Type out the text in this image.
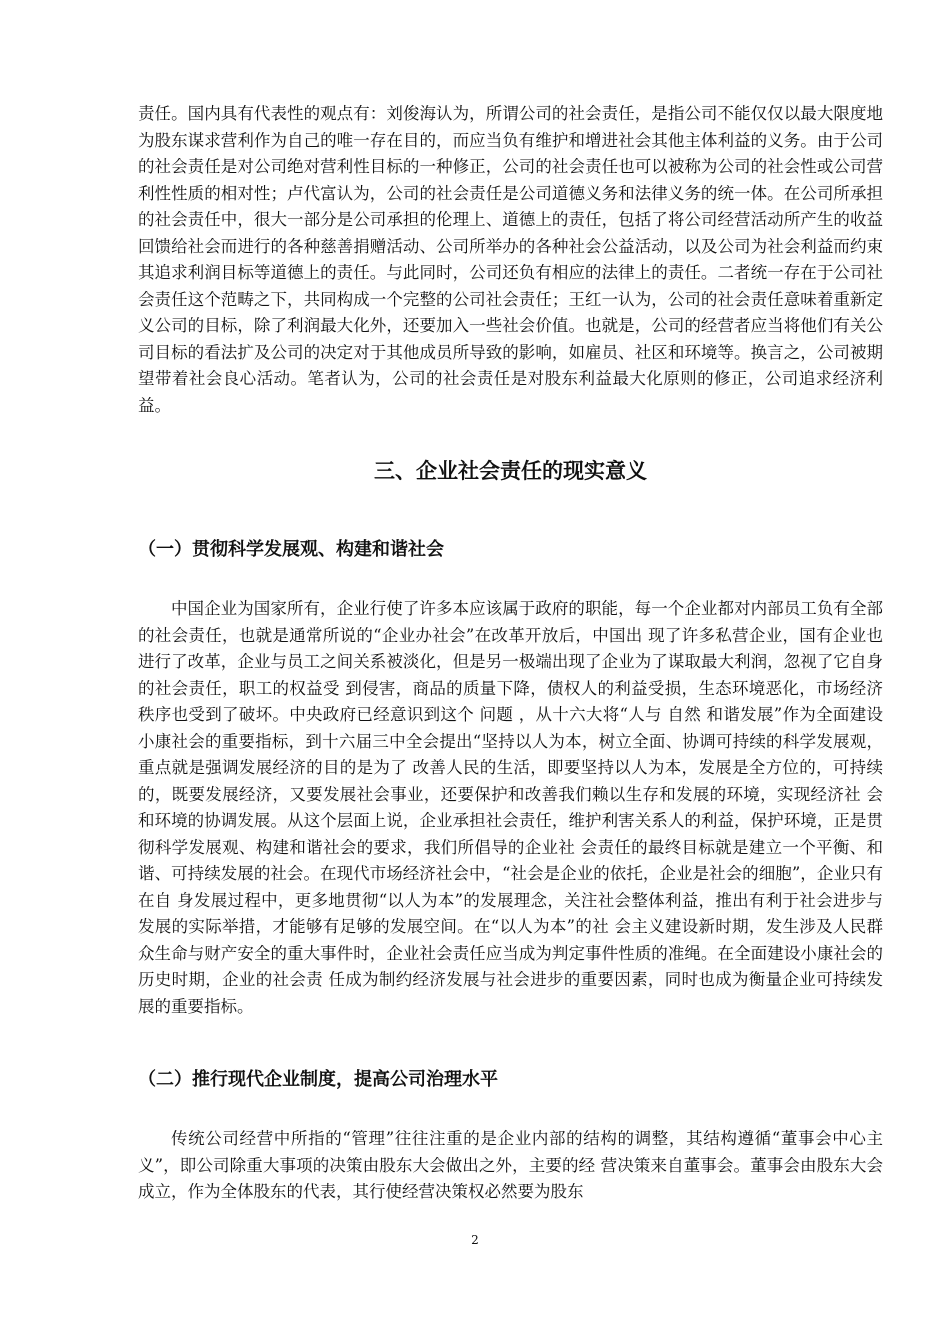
责任。国内具有代表性的观点有：刘俊海认为，所谓公司的社会责任，是指公司不能仅仅以最大限度地为股东谋求营利作为自己的唯一存在目的，而应当负有维护和增进社会其他主体利益的义务。由于公司的社会责任是对公司绝对营利性目标的一种修正，公司的社会责任也可以被称为公司的社会性或公司营利性性质的相对性；卢代富认为，公司的社会责任是公司道德义务和法律义务的统一体。在公司所承担的社会责任中，很大一部分是公司承担的伦理上、道德上的责任，包括了将公司经营活动所产生的收益回馈给社会而进行的各种慈善捐赠活动、公司所举办的各种社会公益活动，以及公司为社会利益而约束其追求利润目标等道德上的责任。与此同时，公司还负有相应的法律上的责任。二者统一存在于公司社会责任这个范畴之下，共同构成一个完整的公司社会责任；王红一认为，公司的社会责任意味着重新定义公司的目标，除了利润最大化外，还要加入一些社会价值。也就是，公司的经营者应当将他们有关公司目标的看法扩及公司的决定对于其他成员所导致的影响，如雇员、社区和环境等。换言之，公司被期望带着社会良心活动。笔者认为，公司的社会责任是对股东利益最大化原则的修正，公司追求经济利益。

三、企业社会责任的现实意义
（一）贯彻科学发展观、构建和谐社会

中国企业为国家所有，企业行使了许多本应该属于政府的职能，每一个企业都对内部员工负有全部的社会责任，也就是通常所说的“企业办社会”在改革开放后，中国出 现了许多私营企业，国有企业也进行了改革，企业与员工之间关系被淡化，但是另一极端出现了企业为了谋取最大利润，忽视了它自身的社会责任，职工的权益受 到侵害，商品的质量下降，债权人的利益受损，生态环境恶化，市场经济秩序也受到了破坏。中央政府已经意识到这个 问题 ，从十六大将“人与 自然 和谐发展”作为全面建设小康社会的重要指标，到十六届三中全会提出“坚持以人为本，树立全面、协调可持续的科学发展观，重点就是强调发展经济的目的是为了 改善人民的生活，即要坚持以人为本，发展是全方位的，可持续的，既要发展经济，又要发展社会事业，还要保护和改善我们赖以生存和发展的环境，实现经济社 会和环境的协调发展。从这个层面上说，企业承担社会责任，维护利害关系人的利益，保护环境，正是贯彻科学发展观、构建和谐社会的要求，我们所倡导的企业社 会责任的最终目标就是建立一个平衡、和谐、可持续发展的社会。在现代市场经济社会中，“社会是企业的依托，企业是社会的细胞”，企业只有在自 身发展过程中，更多地贯彻“以人为本”的发展理念，关注社会整体利益，推出有利于社会进步与发展的实际举措，才能够有足够的发展空间。在“以人为本”的社 会主义建设新时期，发生涉及人民群众生命与财产安全的重大事件时，企业社会责任应当成为判定事件性质的准绳。在全面建设小康社会的历史时期，企业的社会责 任成为制约经济发展与社会进步的重要因素，同时也成为衡量企业可持续发展的重要指标。

（二）推行现代企业制度，提高公司治理水平

传统公司经营中所指的“管理”往往注重的是企业内部的结构的调整，其结构遵循“董事会中心主义”，即公司除重大事项的决策由股东大会做出之外，主要的经 营决策来自董事会。董事会由股东大会成立，作为全体股东的代表，其行使经营决策权必然要为股东

2
